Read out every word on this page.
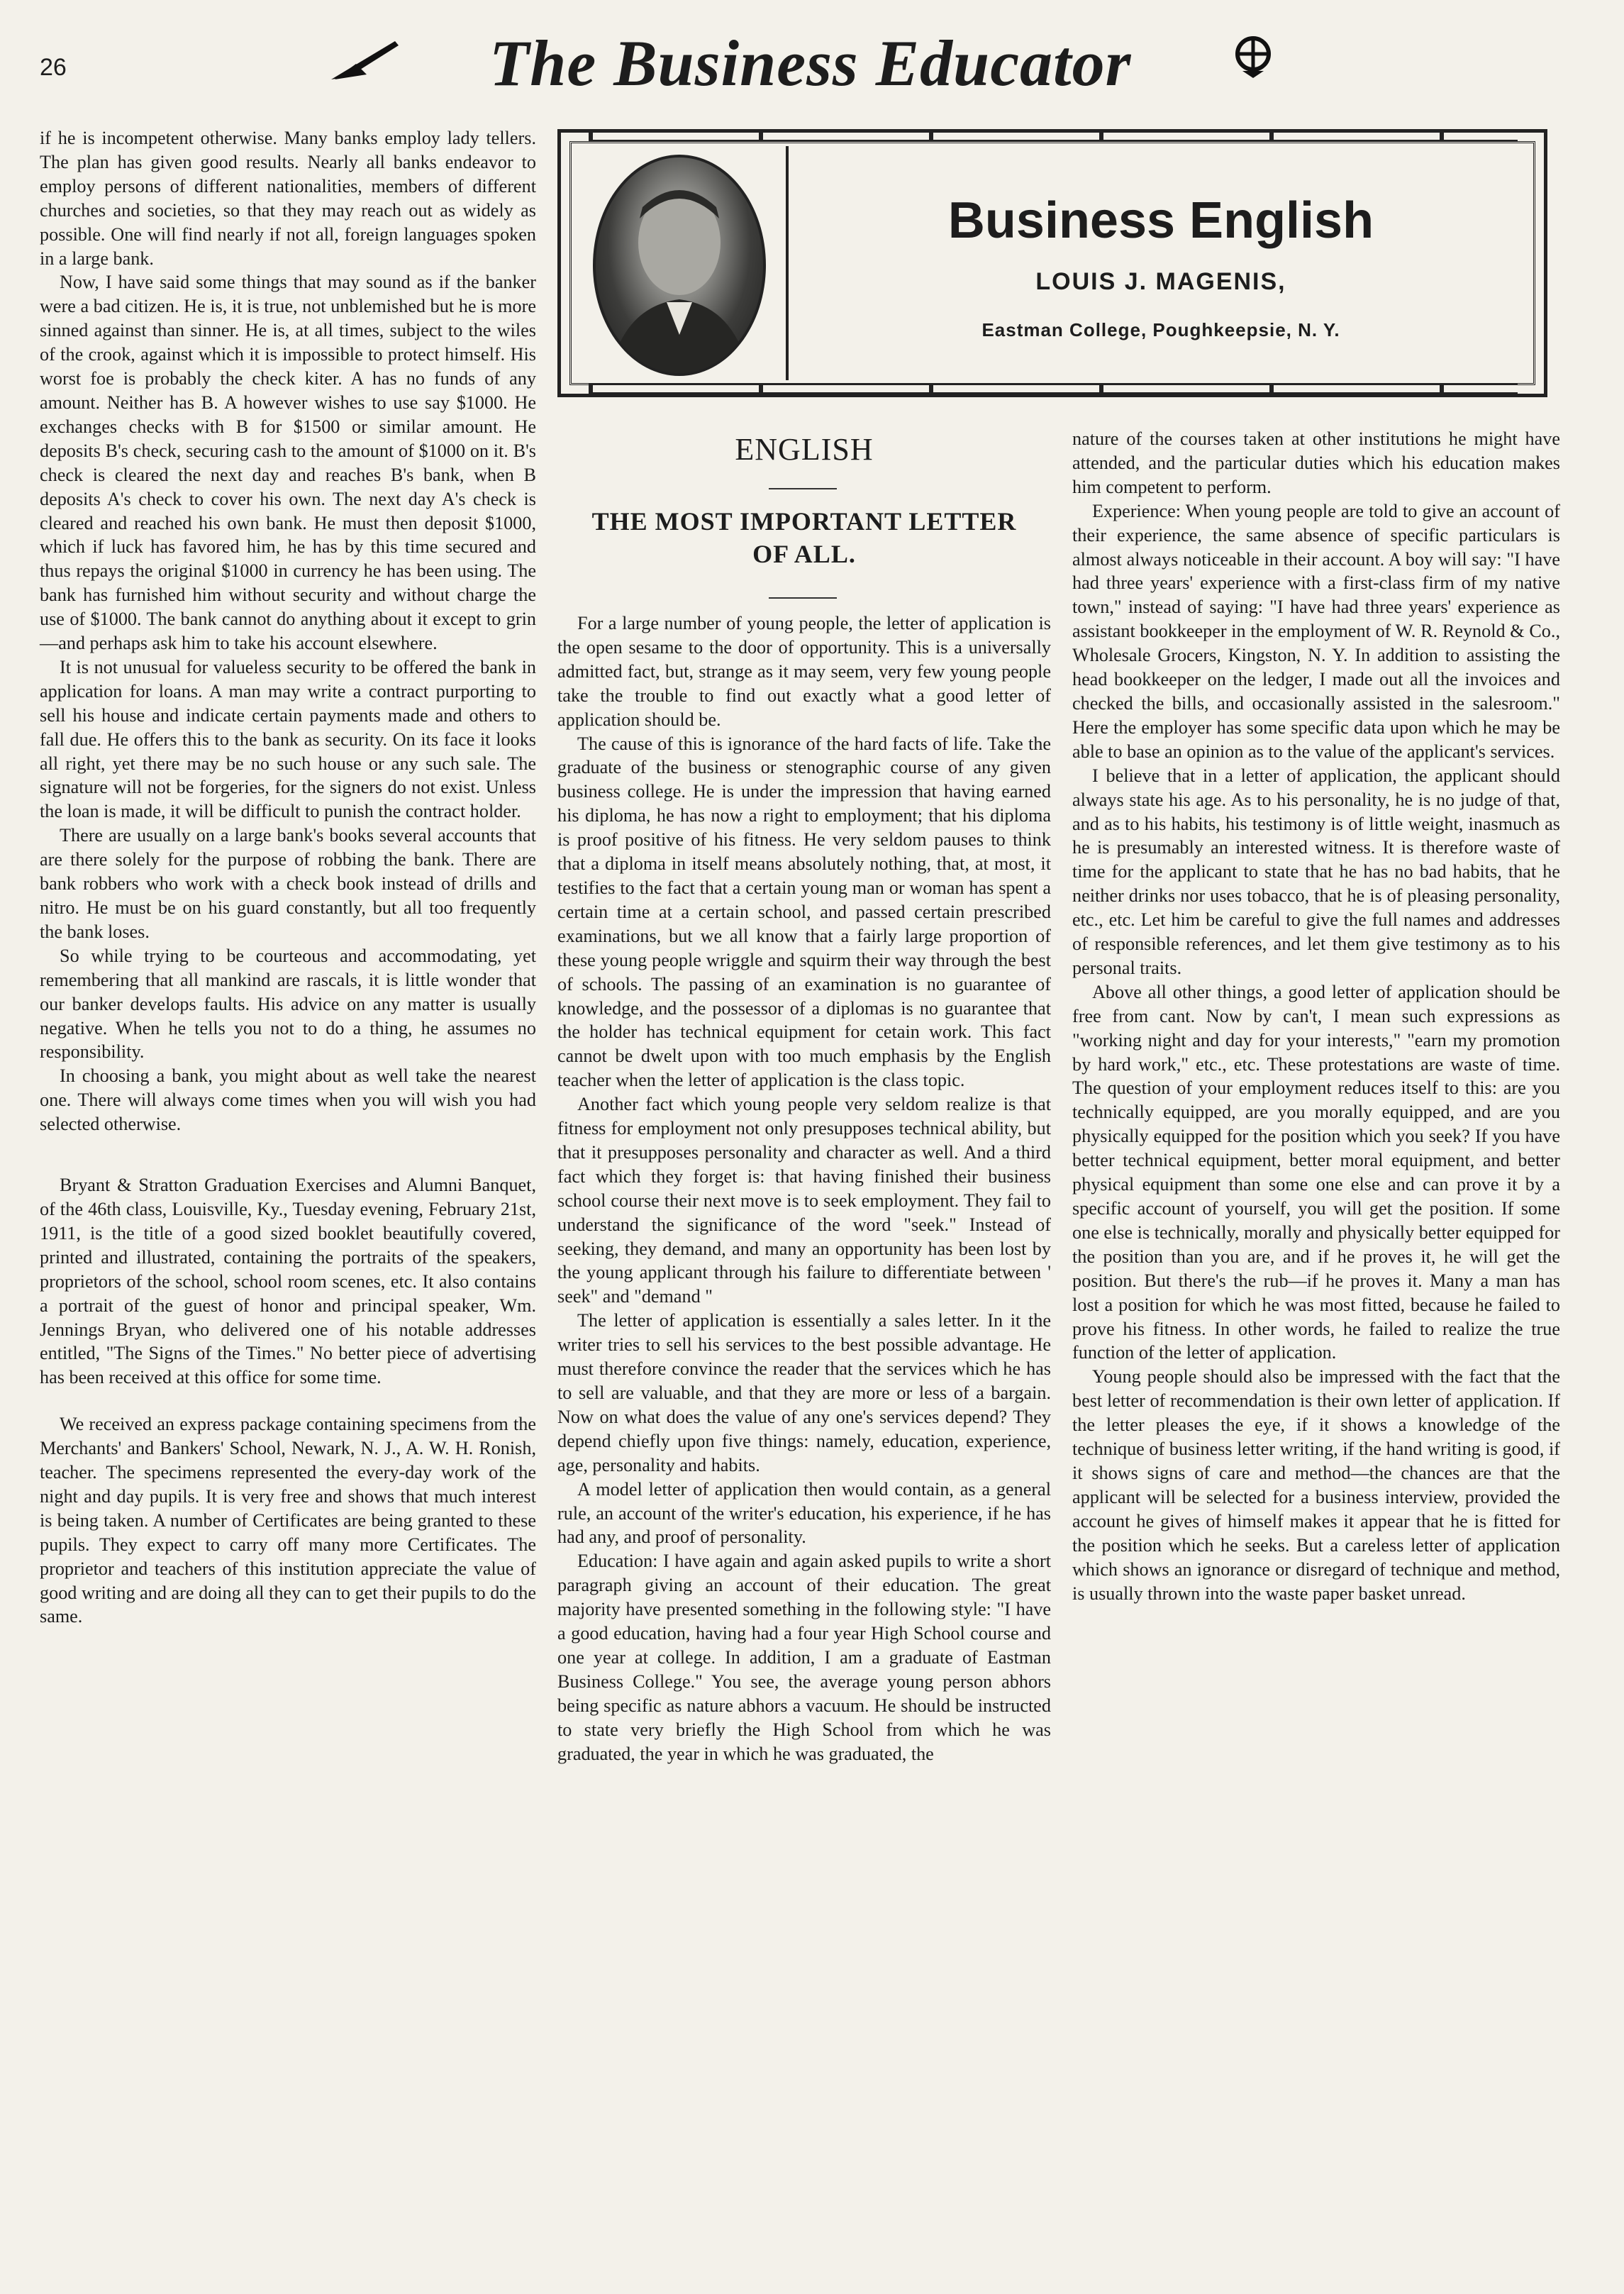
26	The Business Educator

if he is incompetent otherwise. Many banks employ lady tellers. The plan has given good results. Nearly all banks endeavor to employ persons of different nationalities, members of different churches and societies, so that they may reach out as widely as possible. One will find nearly if not all, foreign languages spoken in a large bank.

Now, I have said some things that may sound as if the banker were a bad citizen. He is, it is true, not unblemished but he is more sinned against than sinner. He is, at all times, subject to the wiles of the crook, against which it is impossible to protect himself. His worst foe is probably the check kiter. A has no funds of any amount. Neither has B. A however wishes to use say $1000. He exchanges checks with B for $1500 or similar amount. He deposits B's check, securing cash to the amount of $1000 on it. B's check is cleared the next day and reaches B's bank, when B deposits A's check to cover his own. The next day A's check is cleared and reached his own bank. He must then deposit $1000, which if luck has favored him, he has by this time secured and thus repays the original $1000 in currency he has been using. The bank has furnished him without security and without charge the use of $1000. The bank cannot do anything about it except to grin—and perhaps ask him to take his account elsewhere.

It is not unusual for valueless security to be offered the bank in application for loans. A man may write a contract purporting to sell his house and indicate certain payments made and others to fall due. He offers this to the bank as security. On its face it looks all right, yet there may be no such house or any such sale. The signature will not be forgeries, for the signers do not exist. Unless the loan is made, it will be difficult to punish the contract holder.

There are usually on a large bank's books several accounts that are there solely for the purpose of robbing the bank. There are bank robbers who work with a check book instead of drills and nitro. He must be on his guard constantly, but all too frequently the bank loses.

So while trying to be courteous and accommodating, yet remembering that all mankind are rascals, it is little wonder that our banker develops faults. His advice on any matter is usually negative. When he tells you not to do a thing, he assumes no responsibility.

In choosing a bank, you might about as well take the nearest one. There will always come times when you will wish you had selected otherwise.

Bryant & Stratton Graduation Exercises and Alumni Banquet, of the 46th class, Louisville, Ky., Tuesday evening, February 21st, 1911, is the title of a good sized booklet beautifully covered, printed and illustrated, containing the portraits of the speakers, proprietors of the school, school room scenes, etc. It also contains a portrait of the guest of honor and principal speaker, Wm. Jennings Bryan, who delivered one of his notable addresses entitled, "The Signs of the Times." No better piece of advertising has been received at this office for some time.

We received an express package containing specimens from the Merchants' and Bankers' School, Newark, N. J., A. W. H. Ronish, teacher. The specimens represented the every-day work of the night and day pupils. It is very free and shows that much interest is being taken. A number of Certificates are being granted to these pupils. They expect to carry off many more Certificates. The proprietor and teachers of this institution appreciate the value of good writing and are doing all they can to get their pupils to do the same.

Business English
LOUIS J. MAGENIS,
Eastman College, Poughkeepsie, N. Y.
ENGLISH
THE MOST IMPORTANT LETTER
OF ALL.

For a large number of young people, the letter of application is the open sesame to the door of opportunity. This is a universally admitted fact, but, strange as it may seem, very few young people take the trouble to find out exactly what a good letter of application should be.

The cause of this is ignorance of the hard facts of life. Take the graduate of the business or stenographic course of any given business college. He is under the impression that having earned his diploma, he has now a right to employment; that his diploma is proof positive of his fitness. He very seldom pauses to think that a diploma in itself means absolutely nothing, that, at most, it testifies to the fact that a certain young man or woman has spent a certain time at a certain school, and passed certain prescribed examinations, but we all know that a fairly large proportion of these young people wriggle and squirm their way through the best of schools. The passing of an examination is no guarantee of knowledge, and the possessor of a diplomas is no guarantee that the holder has technical equipment for cetain work. This fact cannot be dwelt upon with too much emphasis by the English teacher when the letter of application is the class topic.

Another fact which young people very seldom realize is that fitness for employment not only presupposes technical ability, but that it presupposes personality and character as well. And a third fact which they forget is: that having finished their business school course their next move is to seek employment. They fail to understand the significance of the word "seek." Instead of seeking, they demand, and many an opportunity has been lost by the young applicant through his failure to differentiate between ' seek" and "demand "

The letter of application is essentially a sales letter. In it the writer tries to sell his services to the best possible advantage. He must therefore convince the reader that the services which he has to sell are valuable, and that they are more or less of a bargain. Now on what does the value of any one's services depend? They depend chiefly upon five things: namely, education, experience, age, personality and habits.

A model letter of application then would contain, as a general rule, an account of the writer's education, his experience, if he has had any, and proof of personality.

Education: I have again and again asked pupils to write a short paragraph giving an account of their education. The great majority have presented something in the following style: "I have a good education, having had a four year High School course and one year at college. In addition, I am a graduate of Eastman Business College." You see, the average young person abhors being specific as nature abhors a vacuum. He should be instructed to state very briefly the High School from which he was graduated, the year in which he was graduated, the

nature of the courses taken at other institutions he might have attended, and the particular duties which his education makes him competent to perform.

Experience: When young people are told to give an account of their experience, the same absence of specific particulars is almost always noticeable in their account. A boy will say: "I have had three years' experience with a first-class firm of my native town," instead of saying: "I have had three years' experience as assistant bookkeeper in the employment of W. R. Reynold & Co., Wholesale Grocers, Kingston, N. Y. In addition to assisting the head bookkeeper on the ledger, I made out all the invoices and checked the bills, and occasionally assisted in the salesroom." Here the employer has some specific data upon which he may be able to base an opinion as to the value of the applicant's services.

I believe that in a letter of application, the applicant should always state his age. As to his personality, he is no judge of that, and as to his habits, his testimony is of little weight, inasmuch as he is presumably an interested witness. It is therefore waste of time for the applicant to state that he has no bad habits, that he neither drinks nor uses tobacco, that he is of pleasing personality, etc., etc. Let him be careful to give the full names and addresses of responsible references, and let them give testimony as to his personal traits.

Above all other things, a good letter of application should be free from cant. Now by can't, I mean such expressions as "working night and day for your interests," "earn my promotion by hard work," etc., etc. These protestations are waste of time. The question of your employment reduces itself to this: are you technically equipped, are you morally equipped, and are you physically equipped for the position which you seek? If you have better technical equipment, better moral equipment, and better physical equipment than some one else and can prove it by a specific account of yourself, you will get the position. If some one else is technically, morally and physically better equipped for the position than you are, and if he proves it, he will get the position. But there's the rub—if he proves it. Many a man has lost a position for which he was most fitted, because he failed to prove his fitness. In other words, he failed to realize the true function of the letter of application.

Young people should also be impressed with the fact that the best letter of recommendation is their own letter of application. If the letter pleases the eye, if it shows a knowledge of the technique of business letter writing, if the hand writing is good, if it shows signs of care and method—the chances are that the applicant will be selected for a business interview, provided the account he gives of himself makes it appear that he is fitted for the position which he seeks. But a careless letter of application which shows an ignorance or disregard of technique and method, is usually thrown into the waste paper basket unread.
